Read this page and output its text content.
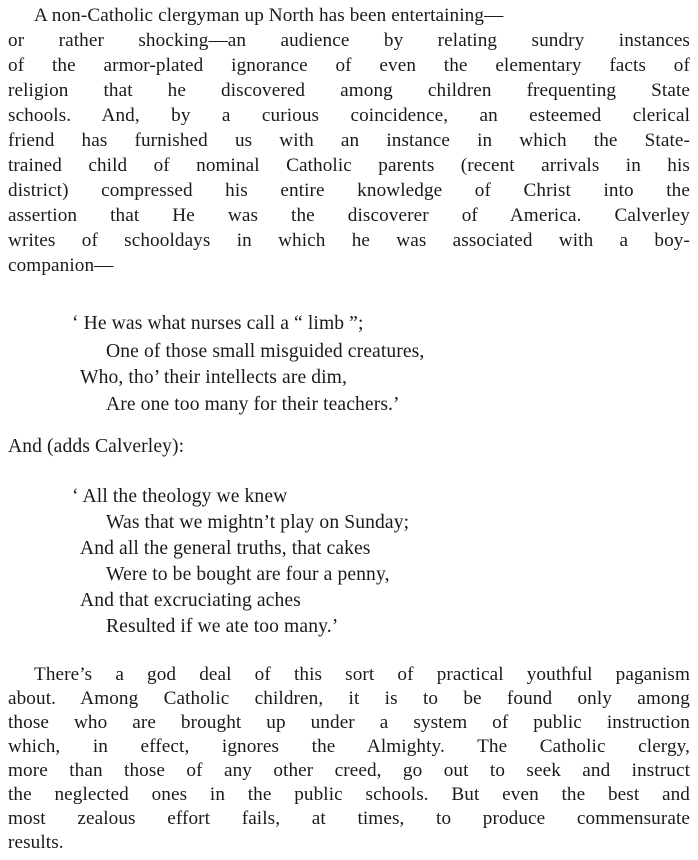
A non-Catholic clergyman up North has been entertaining—
or rather shocking—an audience by relating sundry instances
of the armor-plated ignorance of even the elementary facts of
religion that he discovered among children frequenting State
schools. And, by a curious coincidence, an esteemed clerical
friend has furnished us with an instance in which the State-
trained child of nominal Catholic parents (recent arrivals in his
district) compressed his entire knowledge of Christ into the
assertion that He was the discoverer of America. Calverley
writes of schooldays in which he was associated with a boy-
companion—
‘ He was what nurses call a “ limb ”;
One of those small misguided creatures,
Who, tho’ their intellects are dim,
Are one too many for their teachers.’
And (adds Calverley):
‘ All the theology we knew
Was that we mightn’t play on Sunday;
And all the general truths, that cakes
Were to be bought are four a penny,
And that excruciating aches
Resulted if we ate too many.’
There’s a god deal of this sort of practical youthful paganism
about. Among Catholic children, it is to be found only among
those who are brought up under a system of public instruction
which, in effect, ignores the Almighty. The Catholic clergy,
more than those of any other creed, go out to seek and instruct
the neglected ones in the public schools. But even the best and
most zealous effort fails, at times, to produce commensurate
results.
